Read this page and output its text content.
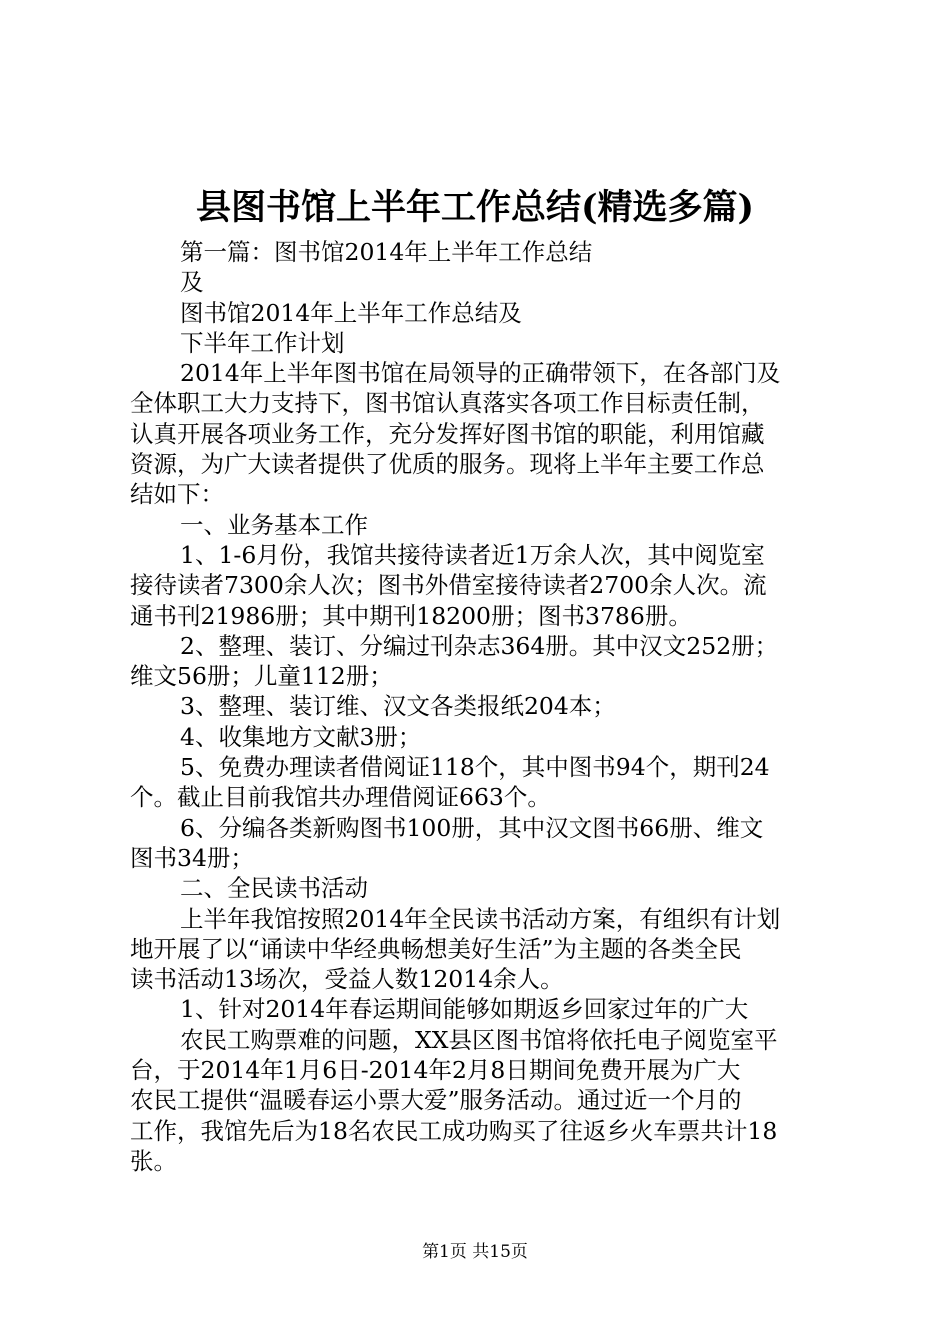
县图书馆上半年工作总结(精选多篇)
第一篇：图书馆2014年上半年工作总结
及
图书馆2014年上半年工作总结及
下半年工作计划
2014年上半年图书馆在局领导的正确带领下，在各部门及
全体职工大力支持下，图书馆认真落实各项工作目标责任制，
认真开展各项业务工作，充分发挥好图书馆的职能，利用馆藏
资源，为广大读者提供了优质的服务。现将上半年主要工作总
结如下：
一、业务基本工作
1、1-6月份，我馆共接待读者近1万余人次，其中阅览室
接待读者7300余人次；图书外借室接待读者2700余人次。流
通书刊21986册；其中期刊18200册；图书3786册。
2、整理、装订、分编过刊杂志364册。其中汉文252册；
维文56册；儿童112册；
3、整理、装订维、汉文各类报纸204本；
4、收集地方文献3册；
5、免费办理读者借阅证118个，其中图书94个，期刊24
个。截止目前我馆共办理借阅证663个。
6、分编各类新购图书100册，其中汉文图书66册、维文
图书34册；
二、全民读书活动
上半年我馆按照2014年全民读书活动方案，有组织有计划
地开展了以“诵读中华经典畅想美好生活”为主题的各类全民
读书活动13场次，受益人数12014余人。
1、针对2014年春运期间能够如期返乡回家过年的广大
农民工购票难的问题，XX县区图书馆将依托电子阅览室平
台，于2014年1月6日-2014年2月8日期间免费开展为广大
农民工提供“温暖春运小票大爱”服务活动。通过近一个月的
工作，我馆先后为18名农民工成功购买了往返乡火车票共计18
张。
第1页 共15页
